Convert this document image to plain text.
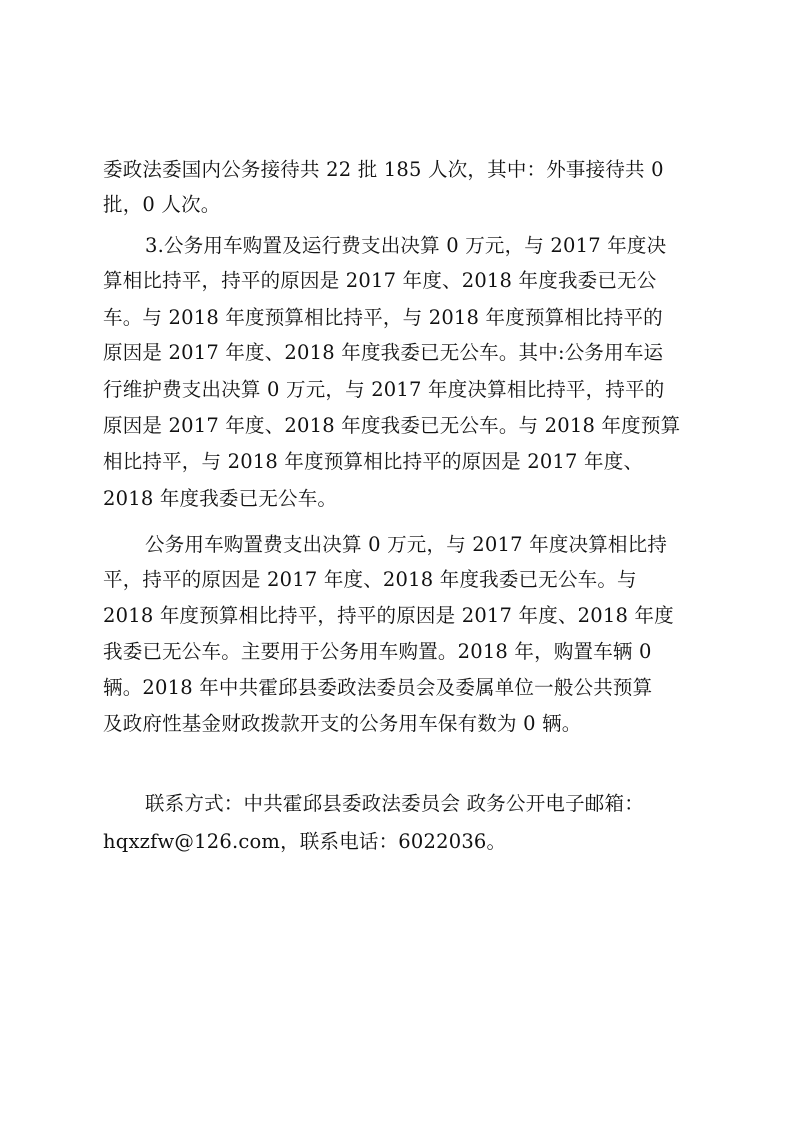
委政法委国内公务接待共 22 批 185 人次，其中：外事接待共 0
批，0 人次。
3.公务用车购置及运行费支出决算 0 万元，与 2017 年度决
算相比持平，持平的原因是 2017 年度、2018 年度我委已无公
车。与 2018 年度预算相比持平，与 2018 年度预算相比持平的
原因是 2017 年度、2018 年度我委已无公车。其中:公务用车运
行维护费支出决算 0 万元，与 2017 年度决算相比持平，持平的
原因是 2017 年度、2018 年度我委已无公车。与 2018 年度预算
相比持平，与 2018 年度预算相比持平的原因是 2017 年度、
2018 年度我委已无公车。
公务用车购置费支出决算 0 万元，与 2017 年度决算相比持
平，持平的原因是 2017 年度、2018 年度我委已无公车。与
2018 年度预算相比持平，持平的原因是 2017 年度、2018 年度
我委已无公车。主要用于公务用车购置。2018 年，购置车辆 0
辆。2018 年中共霍邱县委政法委员会及委属单位一般公共预算
及政府性基金财政拨款开支的公务用车保有数为 0 辆。
联系方式：中共霍邱县委政法委员会 政务公开电子邮箱：
hqxzfw@126.com，联系电话：6022036。
